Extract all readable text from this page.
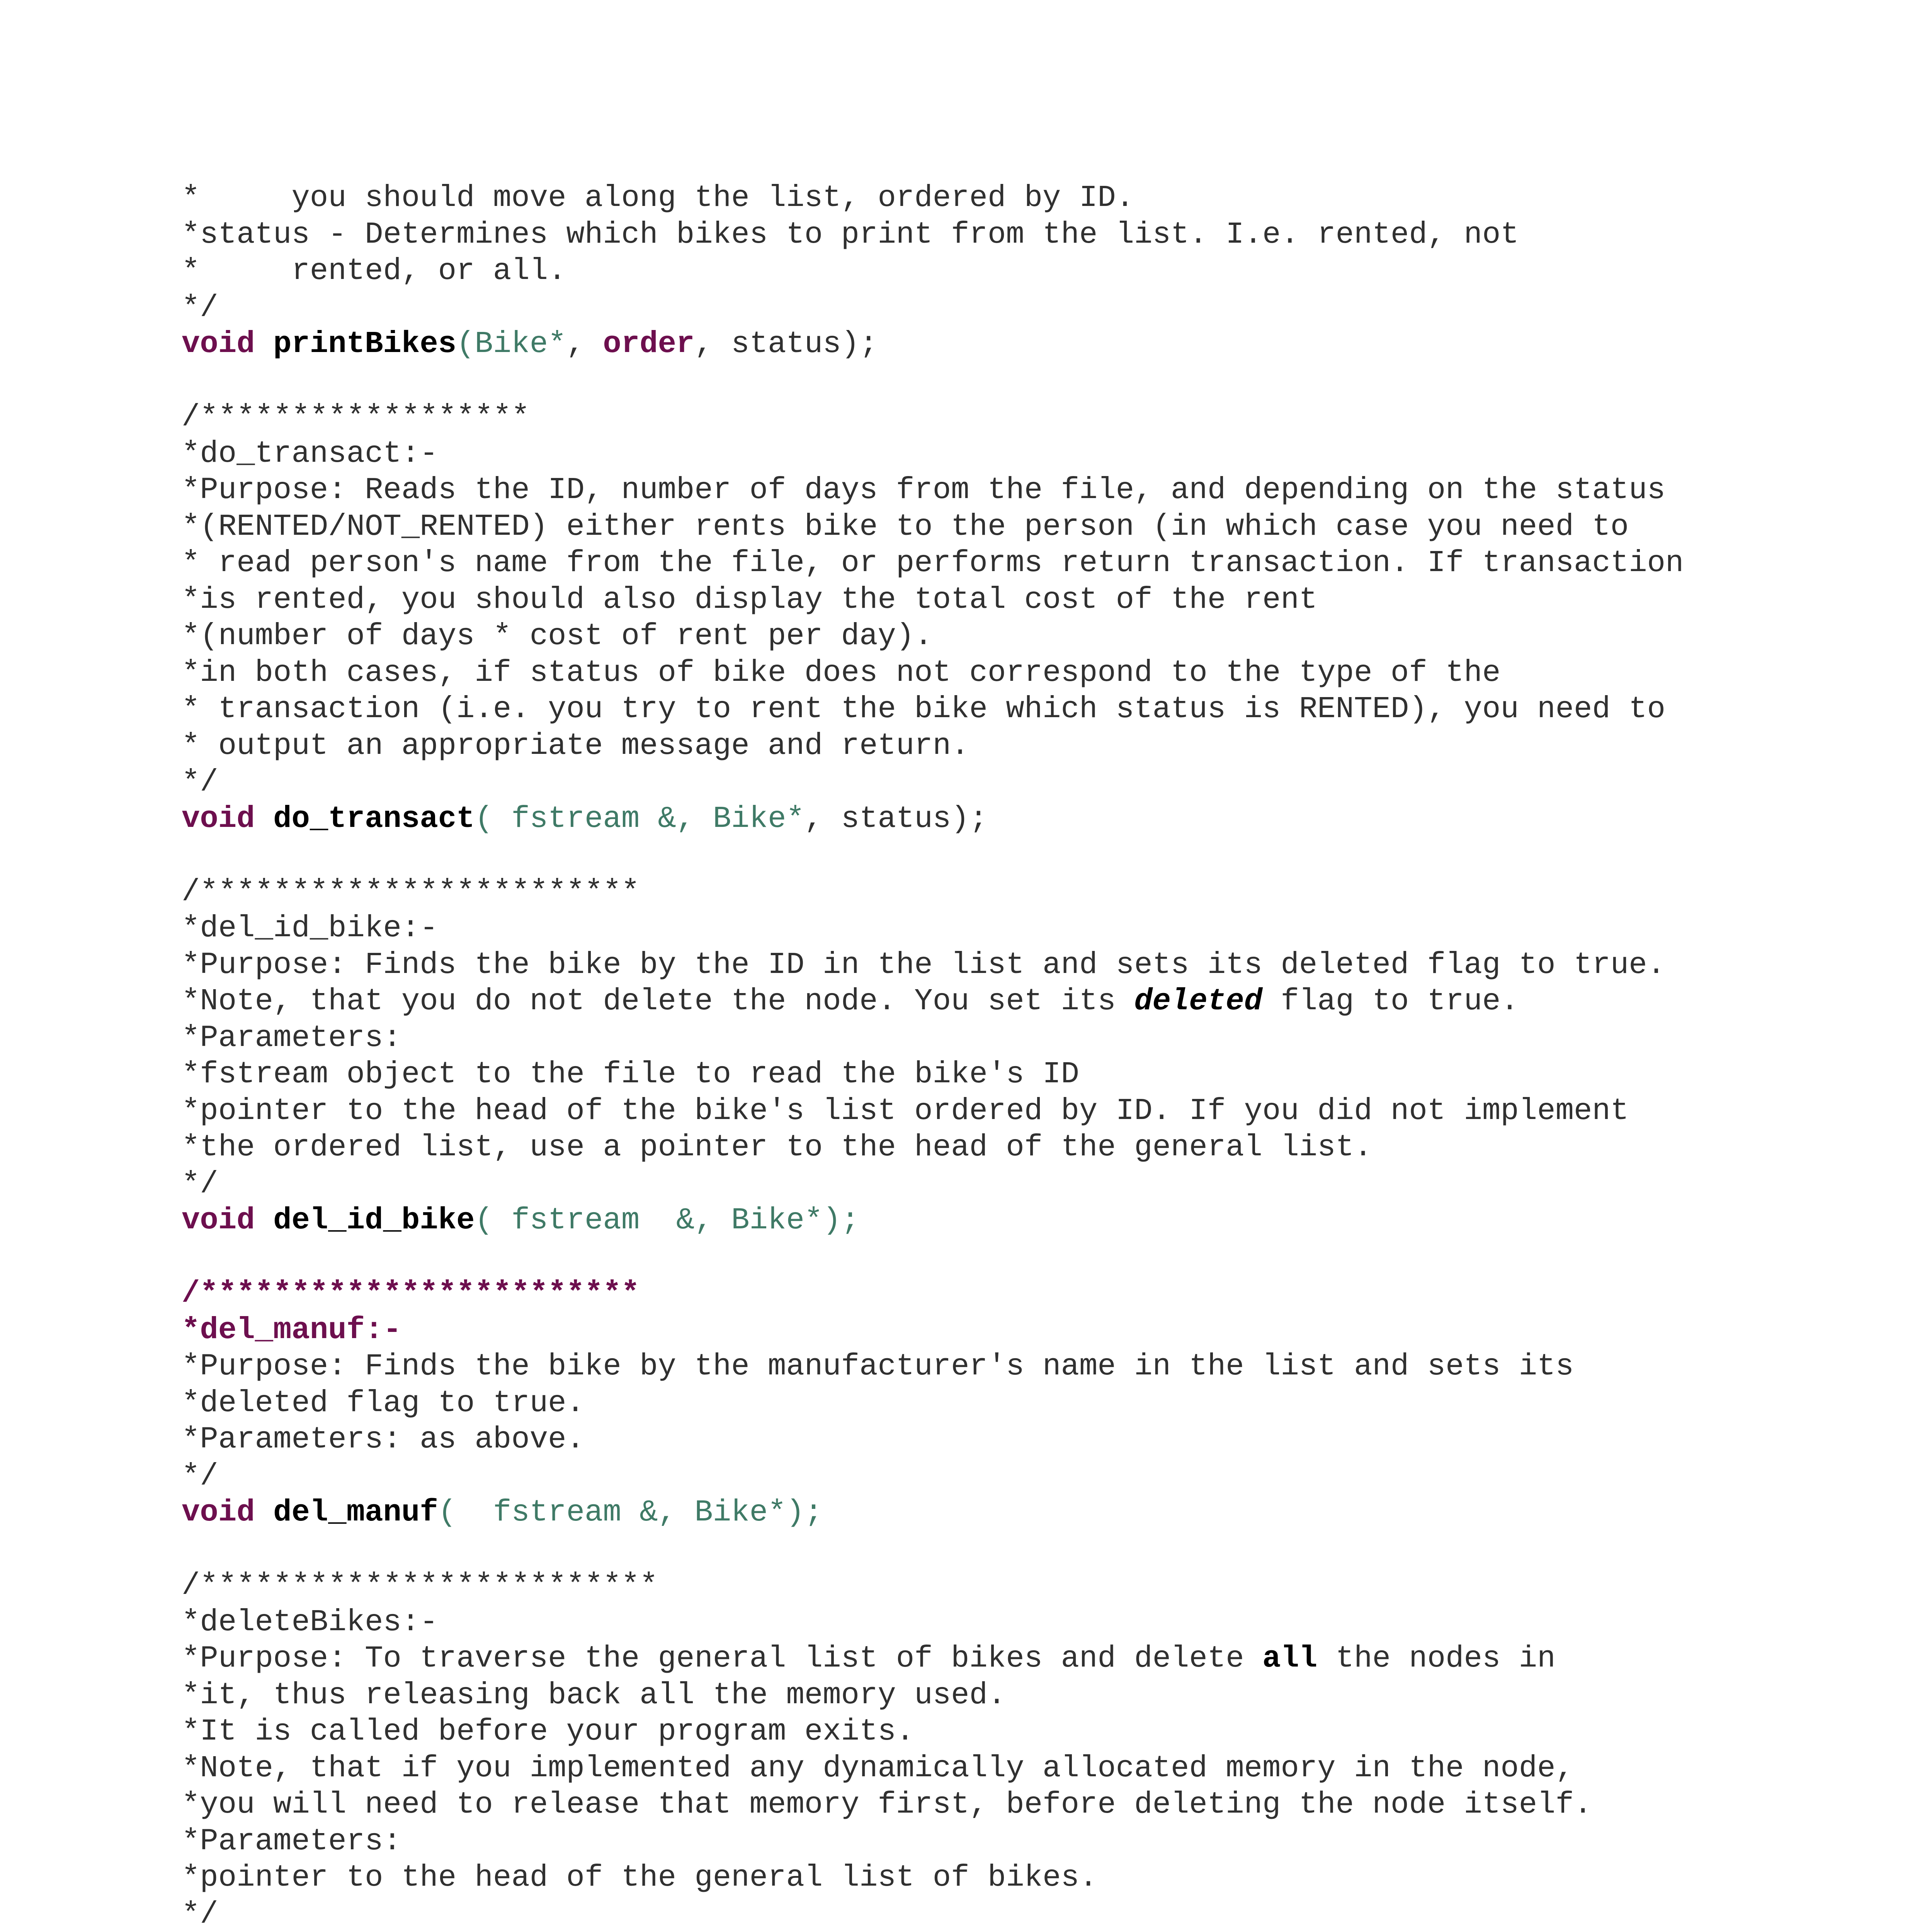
*     you should move along the list, ordered by ID.
*status - Determines which bikes to print from the list. I.e. rented, not
*     rented, or all.
*/
void printBikes(Bike*, order, status);
/******************
*do_transact:-
*Purpose: Reads the ID, number of days from the file, and depending on the status
*(RENTED/NOT_RENTED) either rents bike to the person (in which case you need to
* read person's name from the file, or performs return transaction. If transaction
*is rented, you should also display the total cost of the rent
*(number of days * cost of rent per day).
*in both cases, if status of bike does not correspond to the type of the
* transaction (i.e. you try to rent the bike which status is RENTED), you need to
* output an appropriate message and return.
*/
void do_transact( fstream &, Bike*, status);
/************************
*del_id_bike:-
*Purpose: Finds the bike by the ID in the list and sets its deleted flag to true.
*Note, that you do not delete the node. You set its deleted flag to true.
*Parameters:
*fstream object to the file to read the bike's ID
*pointer to the head of the bike's list ordered by ID. If you did not implement
*the ordered list, use a pointer to the head of the general list.
*/
void del_id_bike( fstream  &, Bike*);
/************************
*del_manuf:-
*Purpose: Finds the bike by the manufacturer's name in the list and sets its
*deleted flag to true.
*Parameters: as above.
*/
void del_manuf(  fstream &, Bike*);
/*************************
*deleteBikes:-
*Purpose: To traverse the general list of bikes and delete all the nodes in
*it, thus releasing back all the memory used.
*It is called before your program exits.
*Note, that if you implemented any dynamically allocated memory in the node,
*you will need to release that memory first, before deleting the node itself.
*Parameters:
*pointer to the head of the general list of bikes.
*/
